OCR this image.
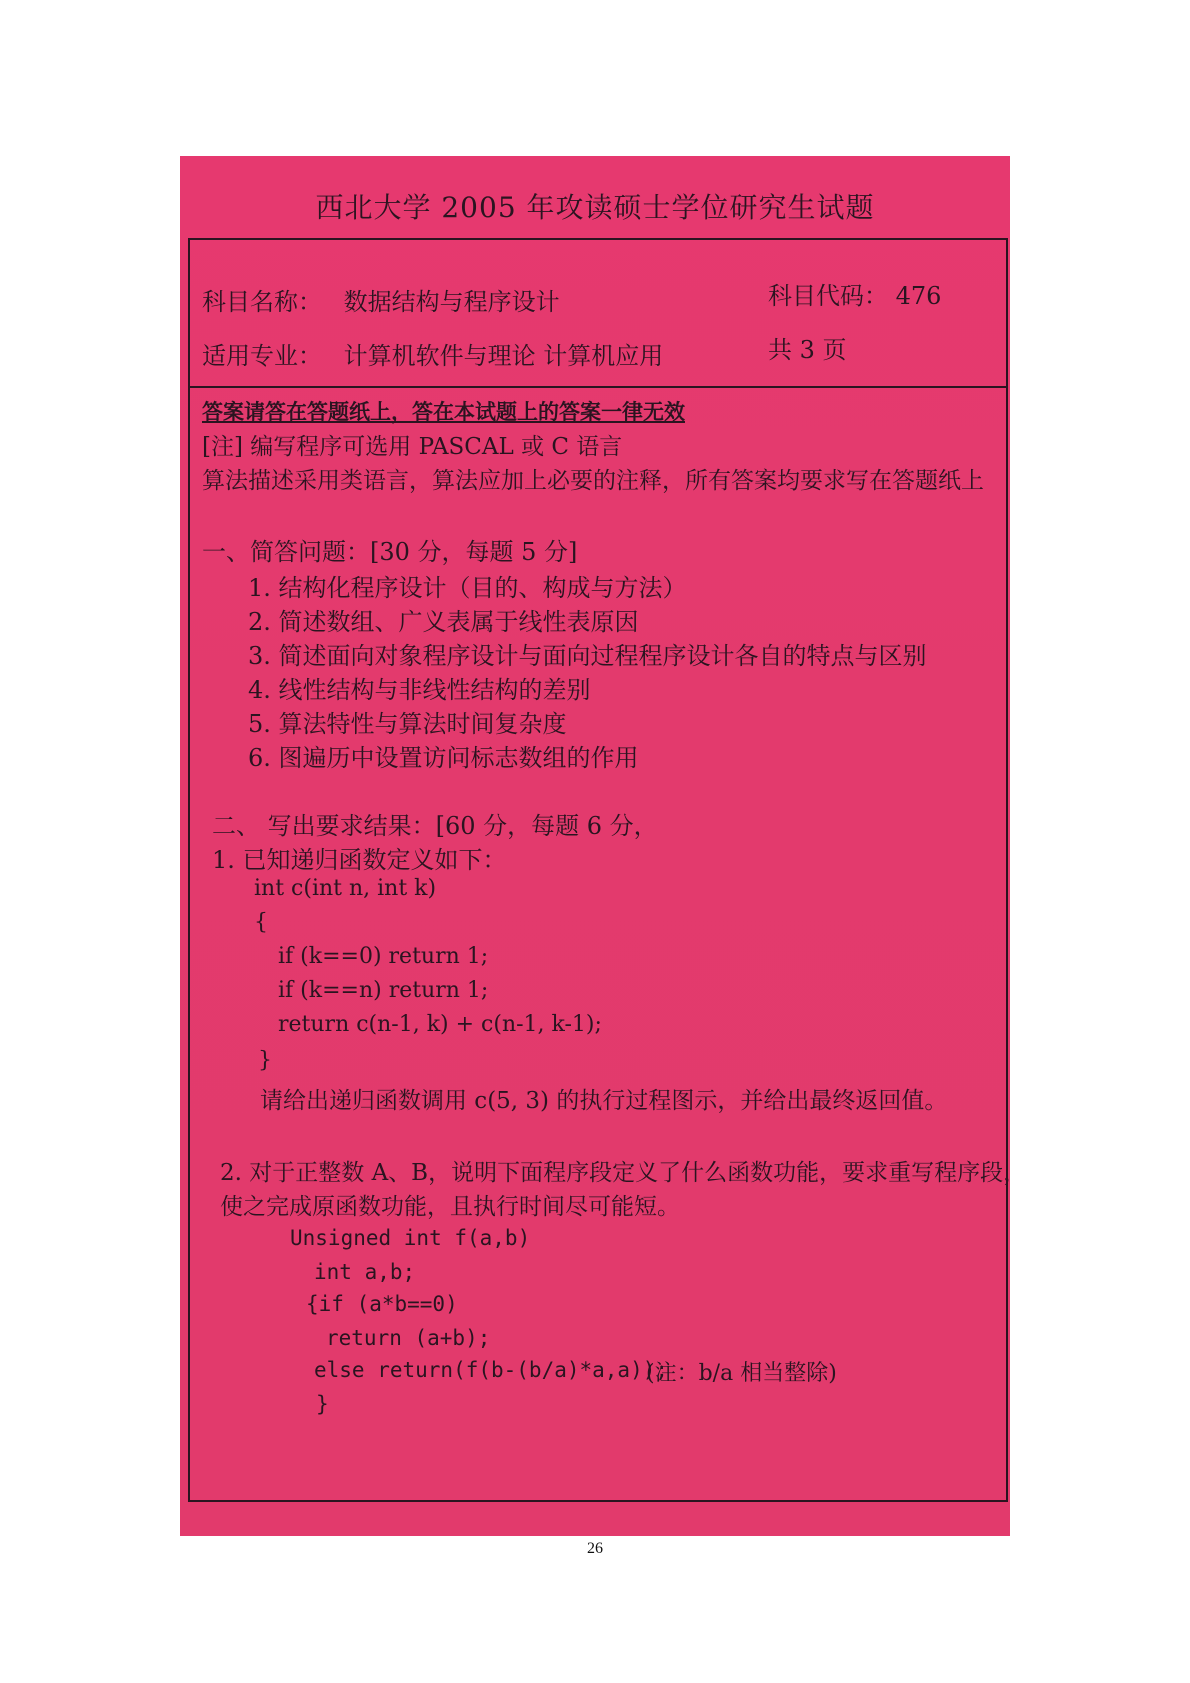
西北大学 2005 年攻读硕士学位研究生试题
科目名称： 数据结构与程序设计	科目代码： 476
适用专业： 计算机软件与理论 计算机应用	共 3 页
答案请答在答题纸上，答在本试题上的答案一律无效
[注] 编写程序可选用 PASCAL 或 C 语言
算法描述采用类语言，算法应加上必要的注释，所有答案均要求写在答题纸上
一、简答问题：[30 分，每题 5 分]
1. 结构化程序设计（目的、构成与方法）
2. 简述数组、广义表属于线性表原因
3. 简述面向对象程序设计与面向过程程序设计各自的特点与区别
4. 线性结构与非线性结构的差别
5. 算法特性与算法时间复杂度
6. 图遍历中设置访问标志数组的作用
二、 写出要求结果：[60 分，每题 6 分，
1. 已知递归函数定义如下：
int c(int n, int k)
{
if (k==0) return 1;
if (k==n) return 1;
return c(n-1, k) + c(n-1, k-1);
}
请给出递归函数调用 c(5, 3) 的执行过程图示，并给出最终返回值。
2. 对于正整数 A、B，说明下面程序段定义了什么函数功能，要求重写程序段，
使之完成原函数功能，且执行时间尽可能短。
Unsigned int f(a,b)
int a,b;
{if (a*b==0)
return (a+b);
else return(f(b-(b/a)*a,a));
(注：b/a 相当整除)
}
26
